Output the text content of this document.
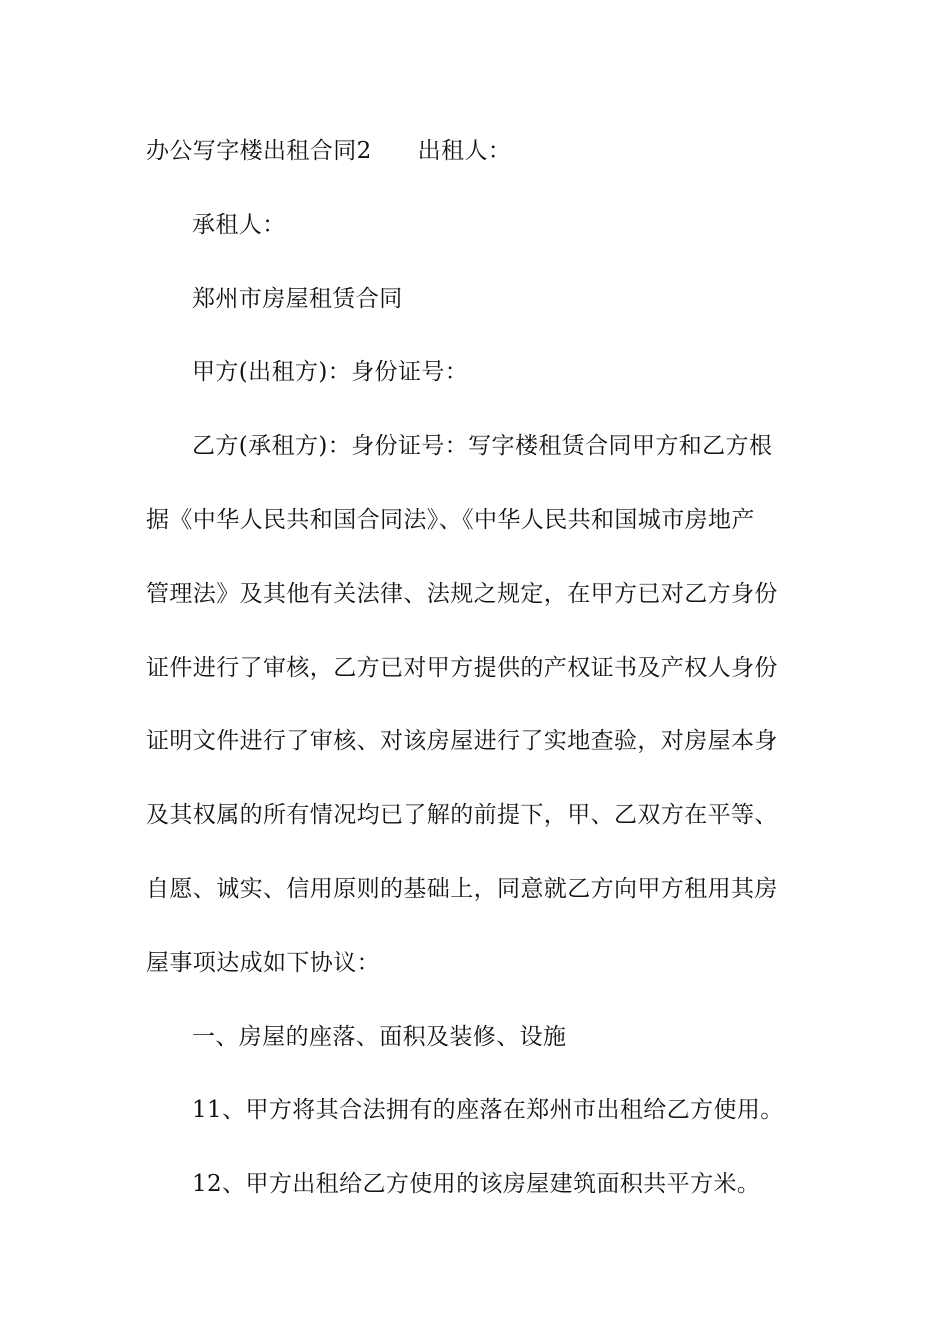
办公写字楼出租合同2 出租人：
承租人：
郑州市房屋租赁合同
甲方(出租方)：身份证号：
乙方(承租方)：身份证号：写字楼租赁合同甲方和乙方根
据《中华人民共和国合同法》、《中华人民共和国城市房地产
管理法》及其他有关法律、法规之规定，在甲方已对乙方身份
证件进行了审核，乙方已对甲方提供的产权证书及产权人身份
证明文件进行了审核、对该房屋进行了实地查验，对房屋本身
及其权属的所有情况均已了解的前提下，甲、乙双方在平等、
自愿、诚实、信用原则的基础上，同意就乙方向甲方租用其房
屋事项达成如下协议：
一、房屋的座落、面积及装修、设施
11、甲方将其合法拥有的座落在郑州市出租给乙方使用。
12、甲方出租给乙方使用的该房屋建筑面积共平方米。
